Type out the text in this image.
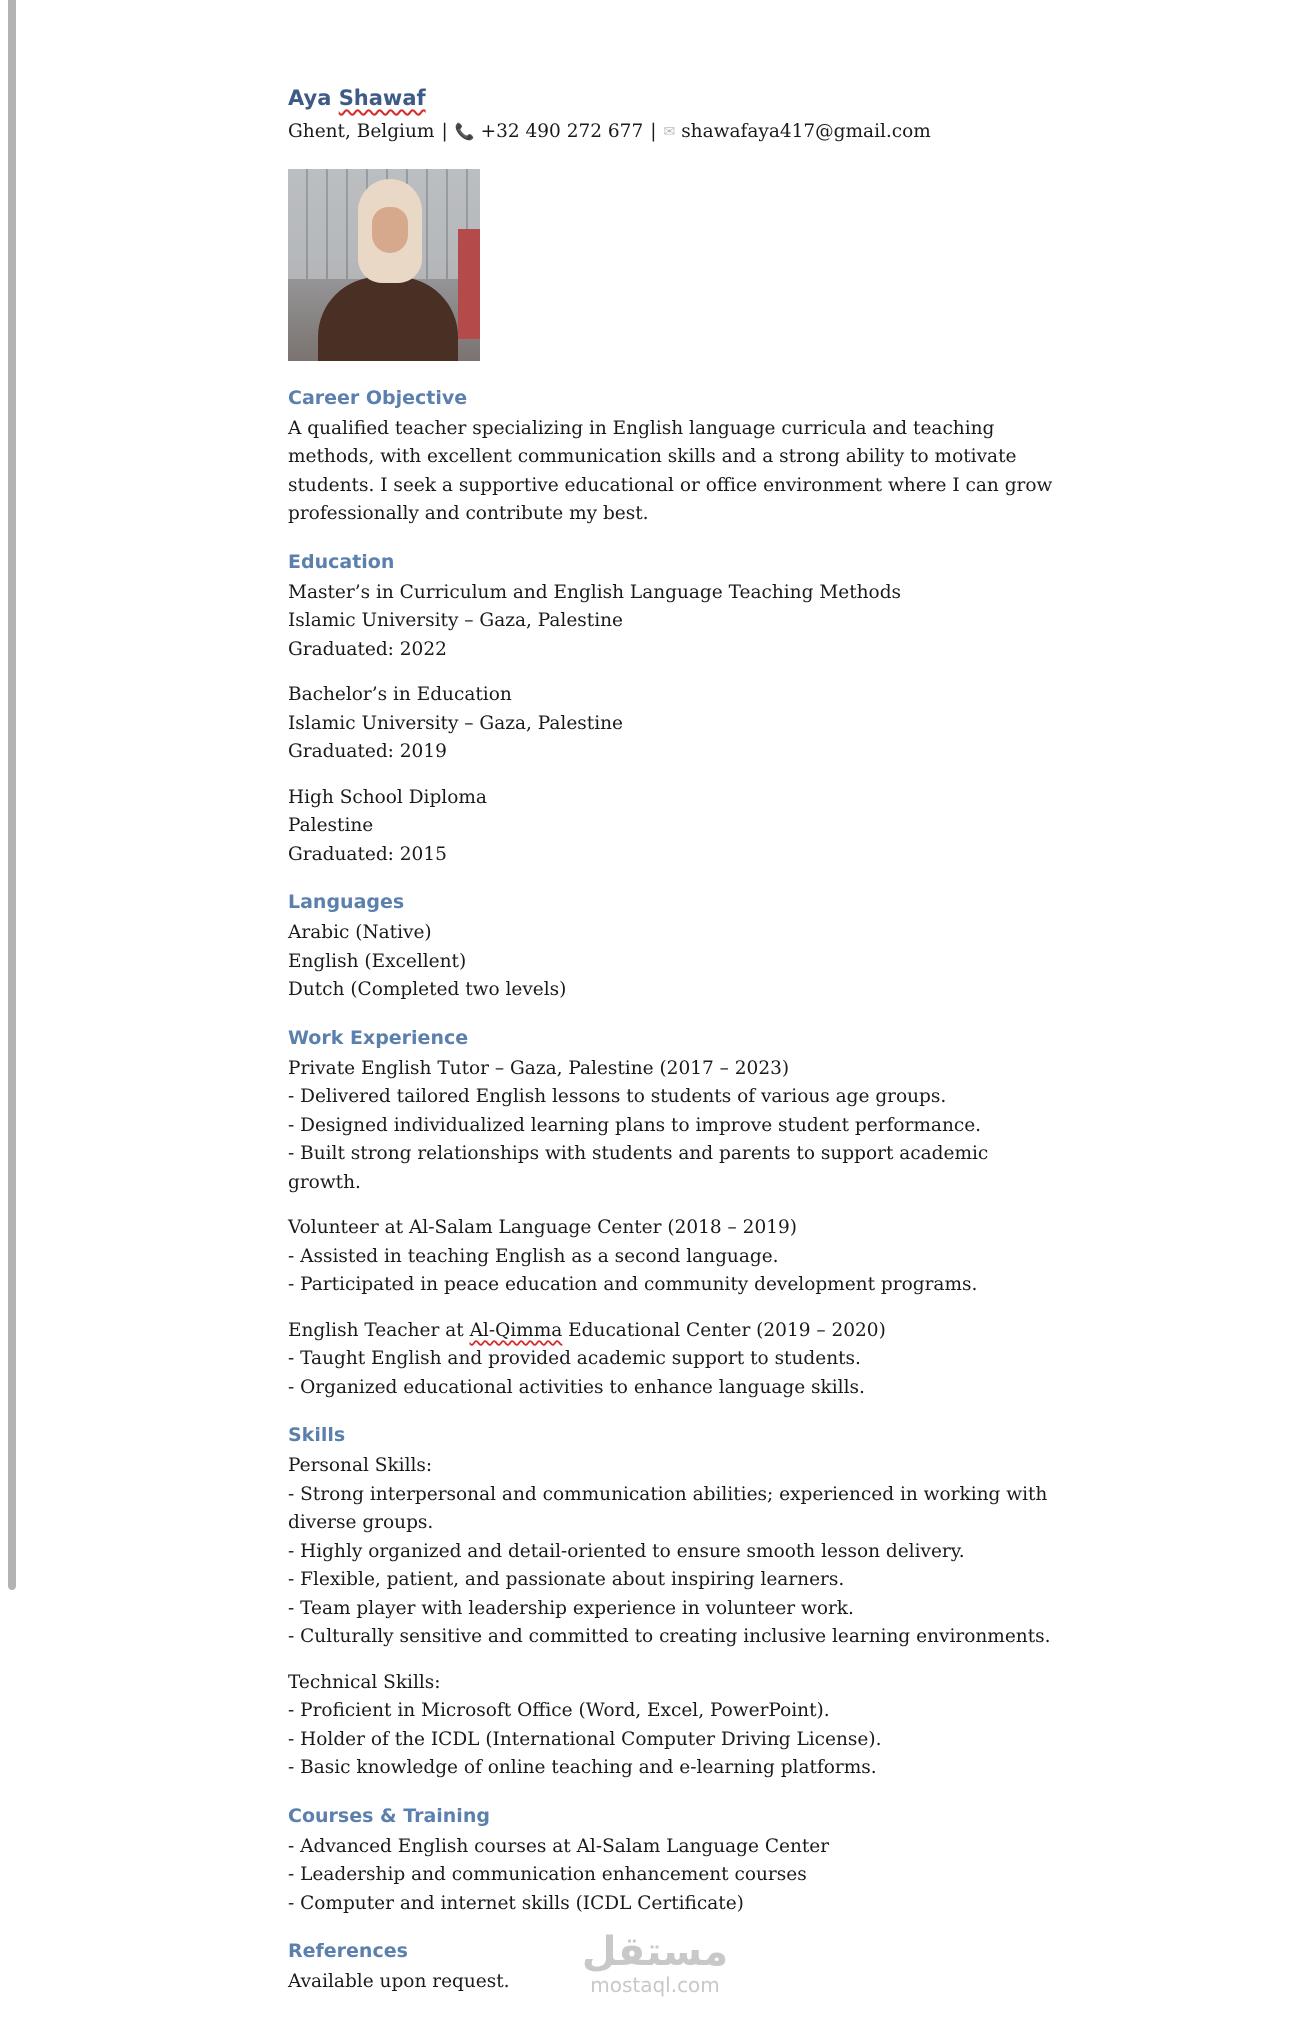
Aya Shawaf
Ghent, Belgium | 📞 +32 490 272 677 | ✉ shawafaya417@gmail.com
Career Objective
A qualified teacher specializing in English language curricula and teaching
methods, with excellent communication skills and a strong ability to motivate
students. I seek a supportive educational or office environment where I can grow
professionally and contribute my best.
Education
Master’s in Curriculum and English Language Teaching Methods
Islamic University – Gaza, Palestine
Graduated: 2022
Bachelor’s in Education
Islamic University – Gaza, Palestine
Graduated: 2019
High School Diploma
Palestine
Graduated: 2015
Languages
Arabic (Native)
English (Excellent)
Dutch (Completed two levels)
Work Experience
Private English Tutor – Gaza, Palestine (2017 – 2023)
- Delivered tailored English lessons to students of various age groups.
- Designed individualized learning plans to improve student performance.
- Built strong relationships with students and parents to support academic
growth.
Volunteer at Al-Salam Language Center (2018 – 2019)
- Assisted in teaching English as a second language.
- Participated in peace education and community development programs.
English Teacher at Al-Qimma Educational Center (2019 – 2020)
- Taught English and provided academic support to students.
- Organized educational activities to enhance language skills.
Skills
Personal Skills:
- Strong interpersonal and communication abilities; experienced in working with
diverse groups.
- Highly organized and detail-oriented to ensure smooth lesson delivery.
- Flexible, patient, and passionate about inspiring learners.
- Team player with leadership experience in volunteer work.
- Culturally sensitive and committed to creating inclusive learning environments.
Technical Skills:
- Proficient in Microsoft Office (Word, Excel, PowerPoint).
- Holder of the ICDL (International Computer Driving License).
- Basic knowledge of online teaching and e-learning platforms.
Courses & Training
- Advanced English courses at Al-Salam Language Center
- Leadership and communication enhancement courses
- Computer and internet skills (ICDL Certificate)
References
Available upon request.
مستقل
mostaql.com
